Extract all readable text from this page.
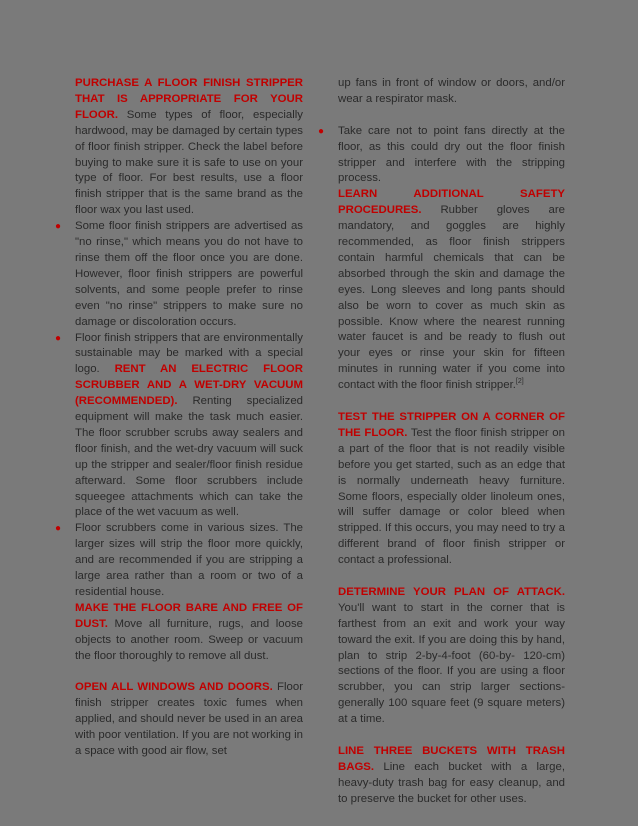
PURCHASE A FLOOR FINISH STRIPPER THAT IS APPROPRIATE FOR YOUR FLOOR. Some types of floor, especially hardwood, may be damaged by certain types of floor finish stripper. Check the label before buying to make sure it is safe to use on your type of floor. For best results, use a floor finish stripper that is the same brand as the floor wax you last used.

● Some floor finish strippers are advertised as "no rinse," which means you do not have to rinse them off the floor once you are done. However, floor finish strippers are powerful solvents, and some people prefer to rinse even "no rinse" strippers to make sure no damage or discoloration occurs.

● Floor finish strippers that are environmentally sustainable may be marked with a special logo. RENT AN ELECTRIC FLOOR SCRUBBER AND A WET-DRY VACUUM (RECOMMENDED). Renting specialized equipment will make the task much easier. The floor scrubber scrubs away sealers and floor finish, and the wet-dry vacuum will suck up the stripper and sealer/floor finish residue afterward. Some floor scrubbers include squeegee attachments which can take the place of the wet vacuum as well.

● Floor scrubbers come in various sizes. The larger sizes will strip the floor more quickly, and are recommended if you are stripping a large area rather than a room or two of a residential house.

MAKE THE FLOOR BARE AND FREE OF DUST. Move all furniture, rugs, and loose objects to another room. Sweep or vacuum the floor thoroughly to remove all dust.

OPEN ALL WINDOWS AND DOORS. Floor finish stripper creates toxic fumes when applied, and should never be used in an area with poor ventilation. If you are not working in a space with good air flow, set

up fans in front of window or doors, and/or wear a respirator mask.

● Take care not to point fans directly at the floor, as this could dry out the floor finish stripper and interfere with the stripping process.

LEARN ADDITIONAL SAFETY PROCEDURES. Rubber gloves are mandatory, and goggles are highly recommended, as floor finish strippers contain harmful chemicals that can be absorbed through the skin and damage the eyes. Long sleeves and long pants should also be worn to cover as much skin as possible. Know where the nearest running water faucet is and be ready to flush out your eyes or rinse your skin for fifteen minutes in running water if you come into contact with the floor finish stripper.[2]

TEST THE STRIPPER ON A CORNER OF THE FLOOR. Test the floor finish stripper on a part of the floor that is not readily visible before you get started, such as an edge that is normally underneath heavy furniture. Some floors, especially older linoleum ones, will suffer damage or color bleed when stripped. If this occurs, you may need to try a different brand of floor finish stripper or contact a professional.

DETERMINE YOUR PLAN OF ATTACK. You'll want to start in the corner that is farthest from an exit and work your way toward the exit. If you are doing this by hand, plan to strip 2-by-4-foot (60-by- 120-cm) sections of the floor. If you are using a floor scrubber, you can strip larger sections-generally 100 square feet (9 square meters) at a time.

LINE THREE BUCKETS WITH TRASH BAGS. Line each bucket with a large, heavy-duty trash bag for easy cleanup, and to preserve the bucket for other uses.
